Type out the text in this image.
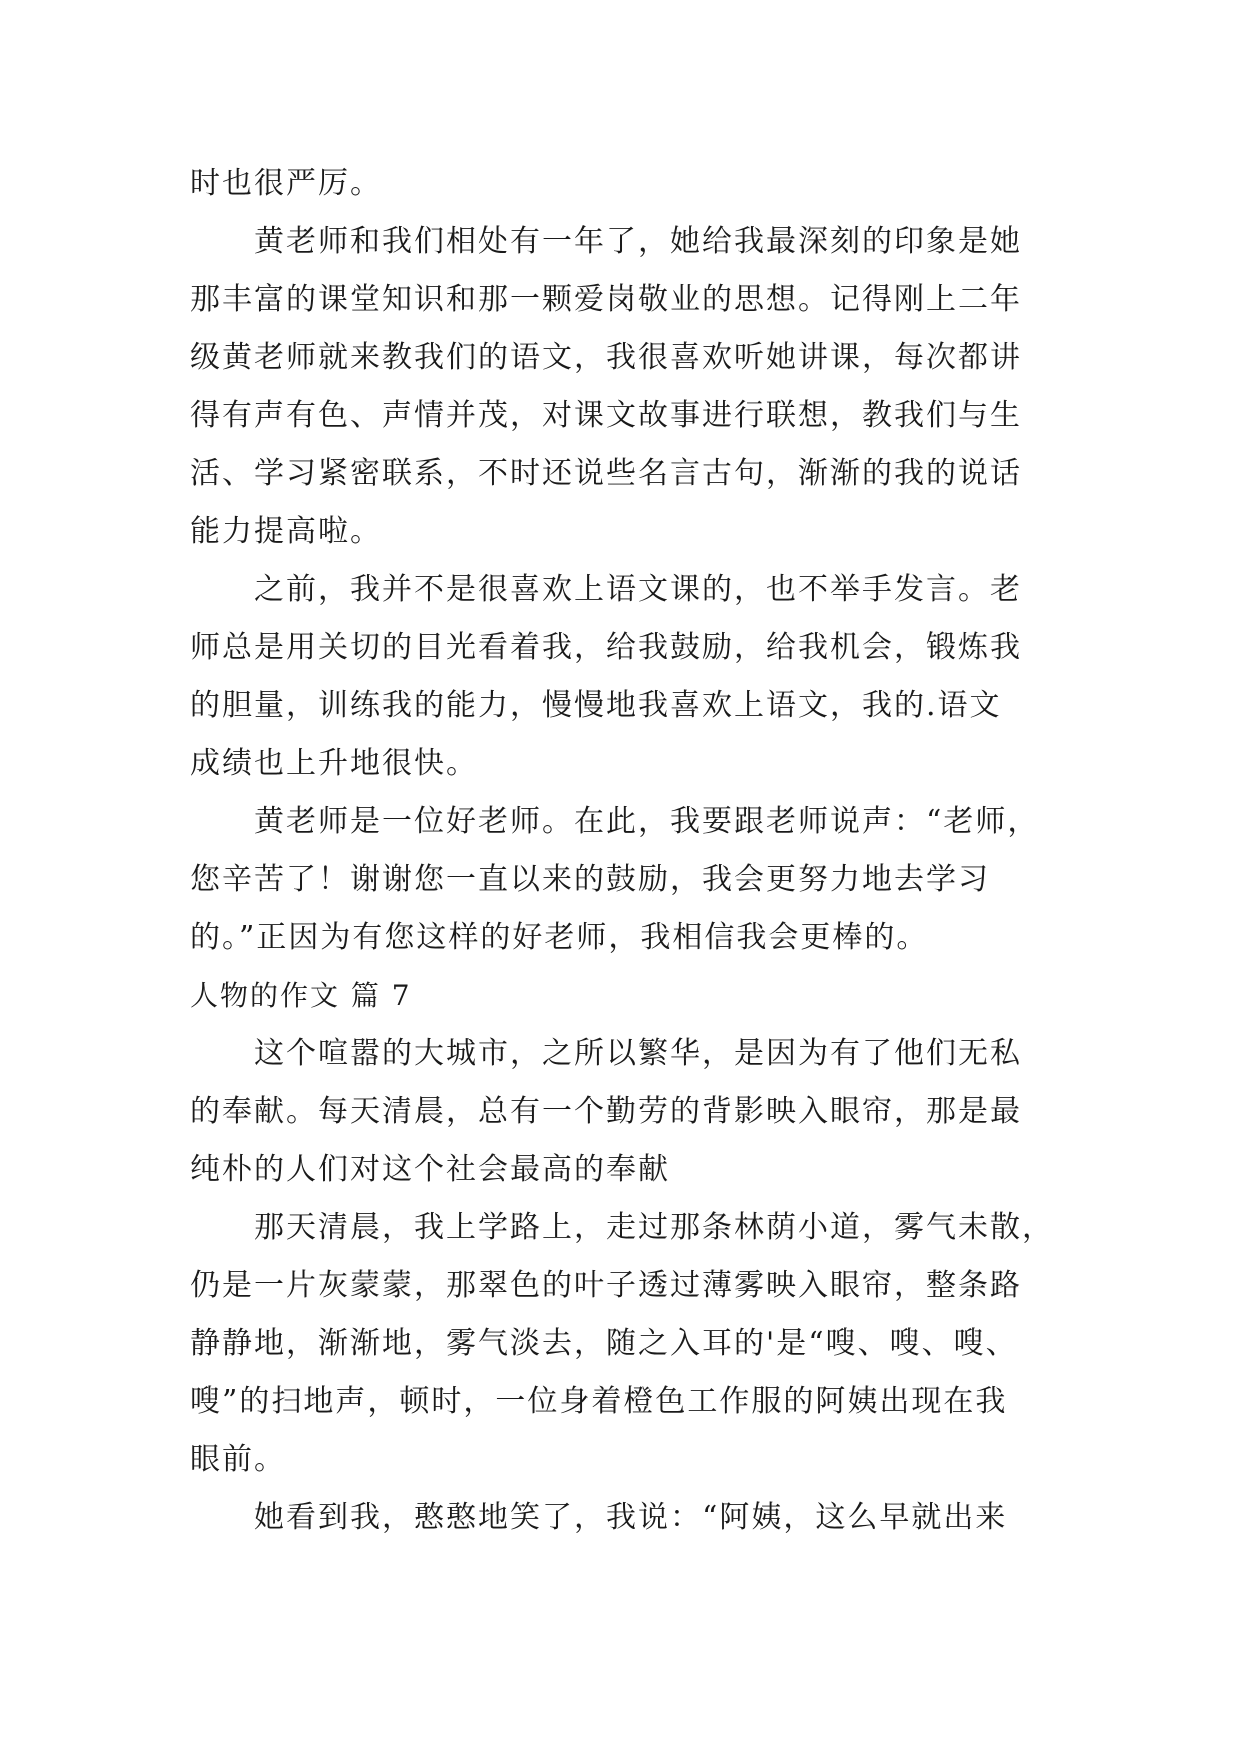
时也很严厉。
黄老师和我们相处有一年了，她给我最深刻的印象是她
那丰富的课堂知识和那一颗爱岗敬业的思想。记得刚上二年
级黄老师就来教我们的语文，我很喜欢听她讲课，每次都讲
得有声有色、声情并茂，对课文故事进行联想，教我们与生
活、学习紧密联系，不时还说些名言古句，渐渐的我的说话
能力提高啦。
之前，我并不是很喜欢上语文课的，也不举手发言。老
师总是用关切的目光看着我，给我鼓励，给我机会，锻炼我
的胆量，训练我的能力，慢慢地我喜欢上语文，我的.语文
成绩也上升地很快。
黄老师是一位好老师。在此，我要跟老师说声：“老师，
您辛苦了！谢谢您一直以来的鼓励，我会更努力地去学习
的。”正因为有您这样的好老师，我相信我会更棒的。
人物的作文 篇 7
这个喧嚣的大城市，之所以繁华，是因为有了他们无私
的奉献。每天清晨，总有一个勤劳的背影映入眼帘，那是最
纯朴的人们对这个社会最高的奉献
那天清晨，我上学路上，走过那条林荫小道，雾气未散，
仍是一片灰蒙蒙，那翠色的叶子透过薄雾映入眼帘，整条路
静静地，渐渐地，雾气淡去，随之入耳的'是“嗖、嗖、嗖、
嗖”的扫地声，顿时，一位身着橙色工作服的阿姨出现在我
眼前。
她看到我，憨憨地笑了，我说：“阿姨，这么早就出来
